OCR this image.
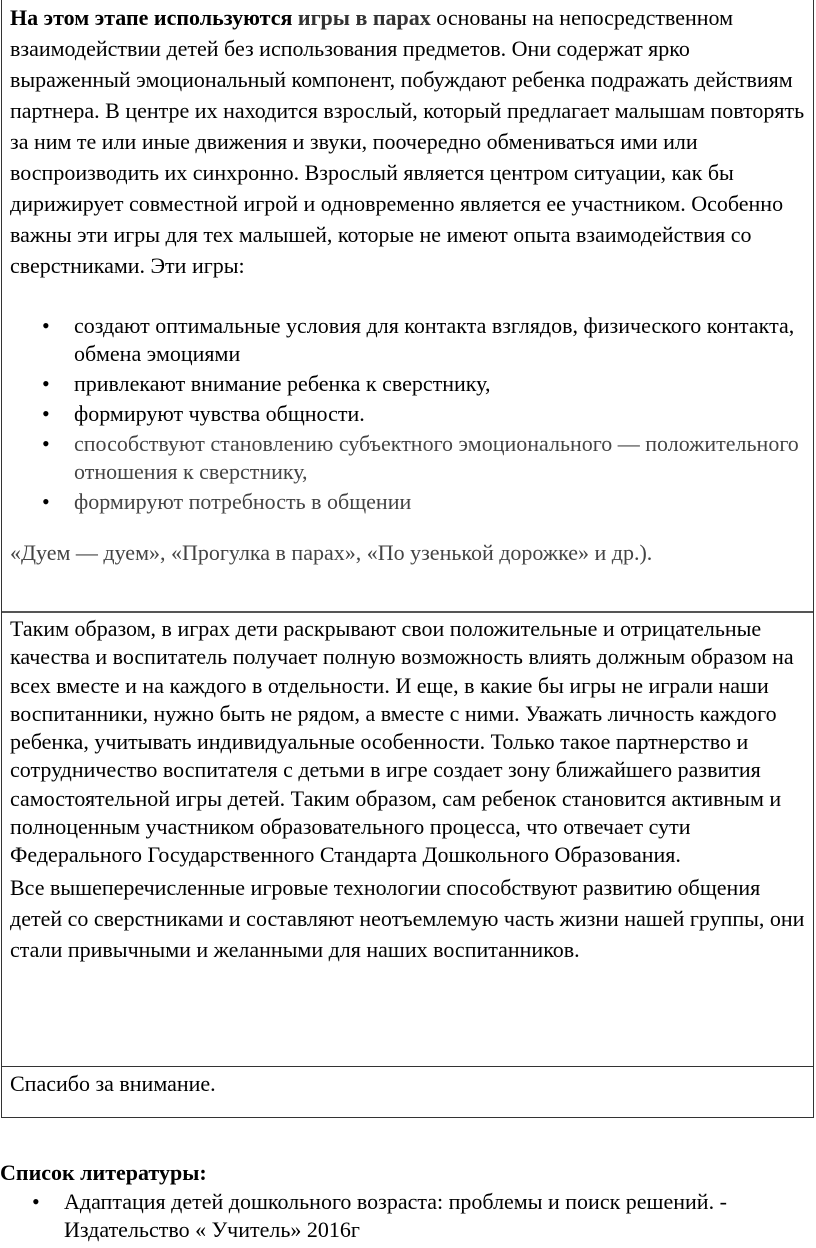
На этом этапе используются игры в парах основаны на непосредственном взаимодействии детей без использования предметов. Они содержат ярко выраженный эмоциональный компонент, побуждают ребенка подражать действиям партнера. В центре их находится взрослый, который предлагает малышам повторять за ним те или иные движения и звуки, поочередно обмениваться ими или воспроизводить их синхронно. Взрослый является центром ситуации, как бы дирижирует совместной игрой и одновременно является ее участником. Особенно важны эти игры для тех малышей, которые не имеют опыта взаимодействия со сверстниками. Эти игры:

• создают оптимальные условия для контакта взглядов, физического контакта, обмена эмоциями
• привлекают внимание ребенка к сверстнику,
• формируют чувства общности.
• способствуют становлению субъектного эмоционального — положительного отношения к сверстнику,
• формируют потребность в общении

«Дуем — дуем», «Прогулка в парах», «По узенькой дорожке» и др.).

Таким образом, в играх дети раскрывают свои положительные и отрицательные качества и воспитатель получает полную возможность влиять должным образом на всех вместе и на каждого в отдельности. И еще, в какие бы игры не играли наши воспитанники, нужно быть не рядом, а вместе с ними. Уважать личность каждого ребенка, учитывать индивидуальные особенности. Только такое партнерство и сотрудничество воспитателя с детьми в игре создает зону ближайшего развития самостоятельной игры детей. Таким образом, сам ребенок становится активным и полноценным участником образовательного процесса, что отвечает сути Федерального Государственного Стандарта Дошкольного Образования.

Все вышеперечисленные игровые технологии способствуют развитию общения детей со сверстниками и составляют неотъемлемую часть жизни нашей группы, они стали привычными и желанными для наших воспитанников.

Спасибо за внимание.

Список литературы:
• Адаптация детей дошкольного возраста: проблемы и поиск решений. - Издательство « Учитель» 2016г
